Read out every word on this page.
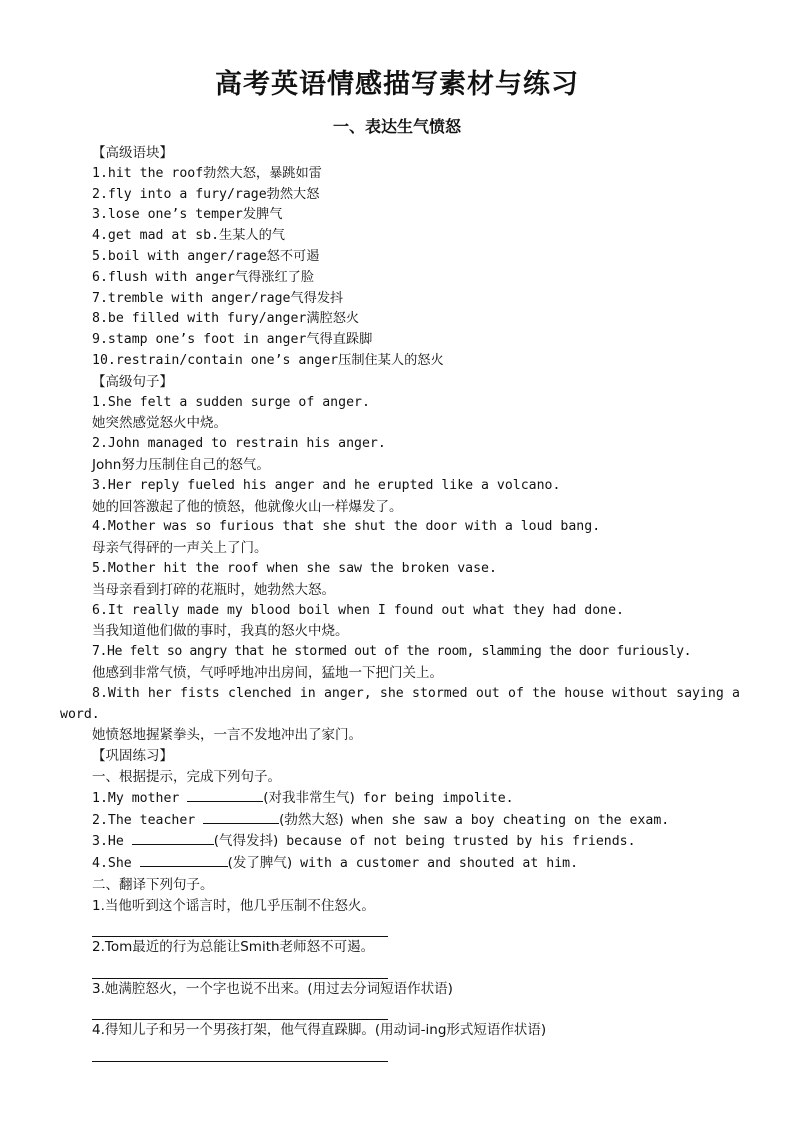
高考英语情感描写素材与练习
一、表达生气愤怒
【高级语块】
1.hit the roof勃然大怒，暴跳如雷
2.fly into a fury/rage勃然大怒
3.lose one’s temper发脾气
4.get mad at sb.生某人的气
5.boil with anger/rage怒不可遏
6.flush with anger气得涨红了脸
7.tremble with anger/rage气得发抖
8.be filled with fury/anger满腔怒火
9.stamp one’s foot in anger气得直跺脚
10.restrain/contain one’s anger压制住某人的怒火
【高级句子】
1.She felt a sudden surge of anger.
她突然感觉怒火中烧。
2.John managed to restrain his anger.
John努力压制住自己的怒气。
3.Her reply fueled his anger and he erupted like a volcano.
她的回答激起了他的愤怒，他就像火山一样爆发了。
4.Mother was so furious that she shut the door with a loud bang.
母亲气得砰的一声关上了门。
5.Mother hit the roof when she saw the broken vase.
当母亲看到打碎的花瓶时，她勃然大怒。
6.It really made my blood boil when I found out what they had done.
当我知道他们做的事时，我真的怒火中烧。
7.He felt so angry that he stormed out of the room, slamming the door furiously.
他感到非常气愤，气呼呼地冲出房间，猛地一下把门关上。
8.With her fists clenched in anger, she stormed out of the house without saying a word.
她愤怒地握紧拳头，一言不发地冲出了家门。
【巩固练习】
一、根据提示，完成下列句子。
1.My mother	(对我非常生气) for being impolite.
2.The teacher	(勃然大怒) when she saw a boy cheating on the exam.
3.He	(气得发抖) because of not being trusted by his friends.
4.She	(发了脾气) with a customer and shouted at him.
二、翻译下列句子。
1.当他听到这个谣言时，他几乎压制不住怒火。
2.Tom最近的行为总能让Smith老师怒不可遏。
3.她满腔怒火，一个字也说不出来。(用过去分词短语作状语)
4.得知儿子和另一个男孩打架，他气得直跺脚。(用动词-ing形式短语作状语)
